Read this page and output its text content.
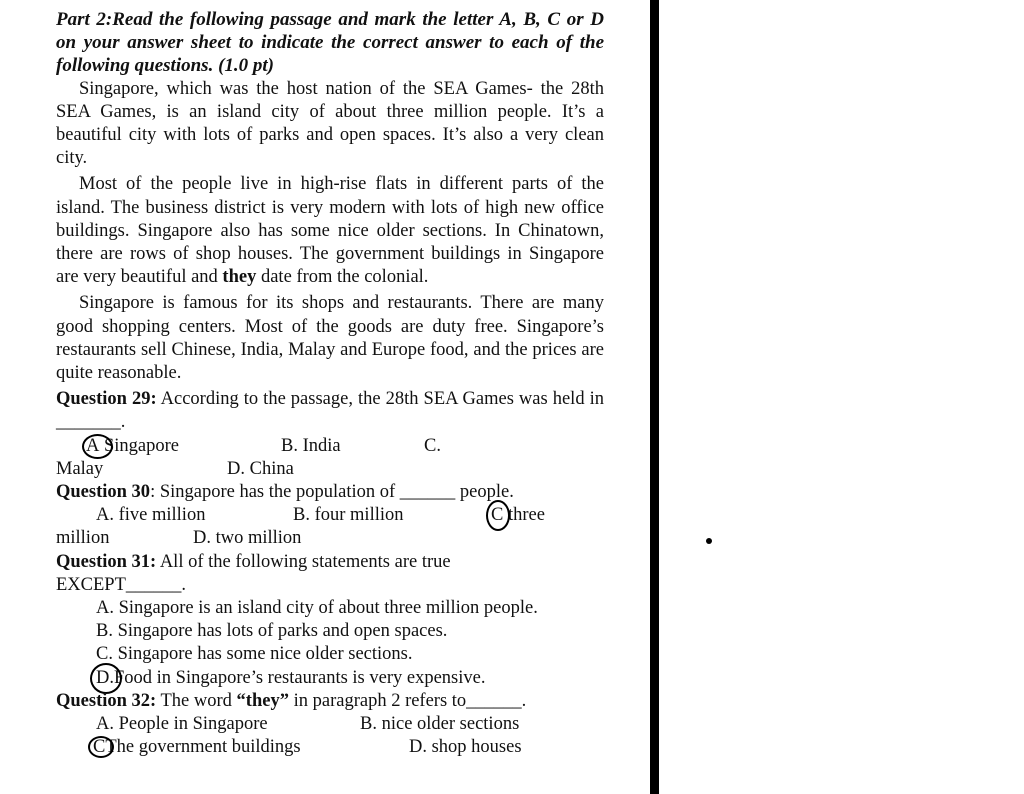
Part 2:Read the following passage and mark the letter A, B, C or D on your answer sheet to indicate the correct answer to each of the following questions. (1.0 pt)

Singapore, which was the host nation of the SEA Games- the 28th SEA Games, is an island city of about three million people. It’s a beautiful city with lots of parks and open spaces. It’s also a very clean city.

Most of the people live in high-rise flats in different parts of the island. The business district is very modern with lots of high new office buildings. Singapore also has some nice older sections. In Chinatown, there are rows of shop houses. The government buildings in Singapore are very beautiful and they date from the colonial.

Singapore is famous for its shops and restaurants. There are many good shopping centers. Most of the goods are duty free. Singapore’s restaurants sell Chinese, India, Malay and Europe food, and the prices are quite reasonable.

Question 29: According to the passage, the 28th SEA Games was held in _______.

A Singapore	B. India	C.
Malay	D. China
Question 30: Singapore has the population of ______ people.
A. five million	B. four million	C three
million	D. two million
Question 31: All of the following statements are true
EXCEPT______.
A. Singapore is an island city of about three million people.
B. Singapore has lots of parks and open spaces.
C. Singapore has some nice older sections.
D.Food in Singapore’s restaurants is very expensive.
Question 32: The word “they” in paragraph 2 refers to______.
A. People in Singapore	B. nice older sections
CThe government buildings	D. shop houses
